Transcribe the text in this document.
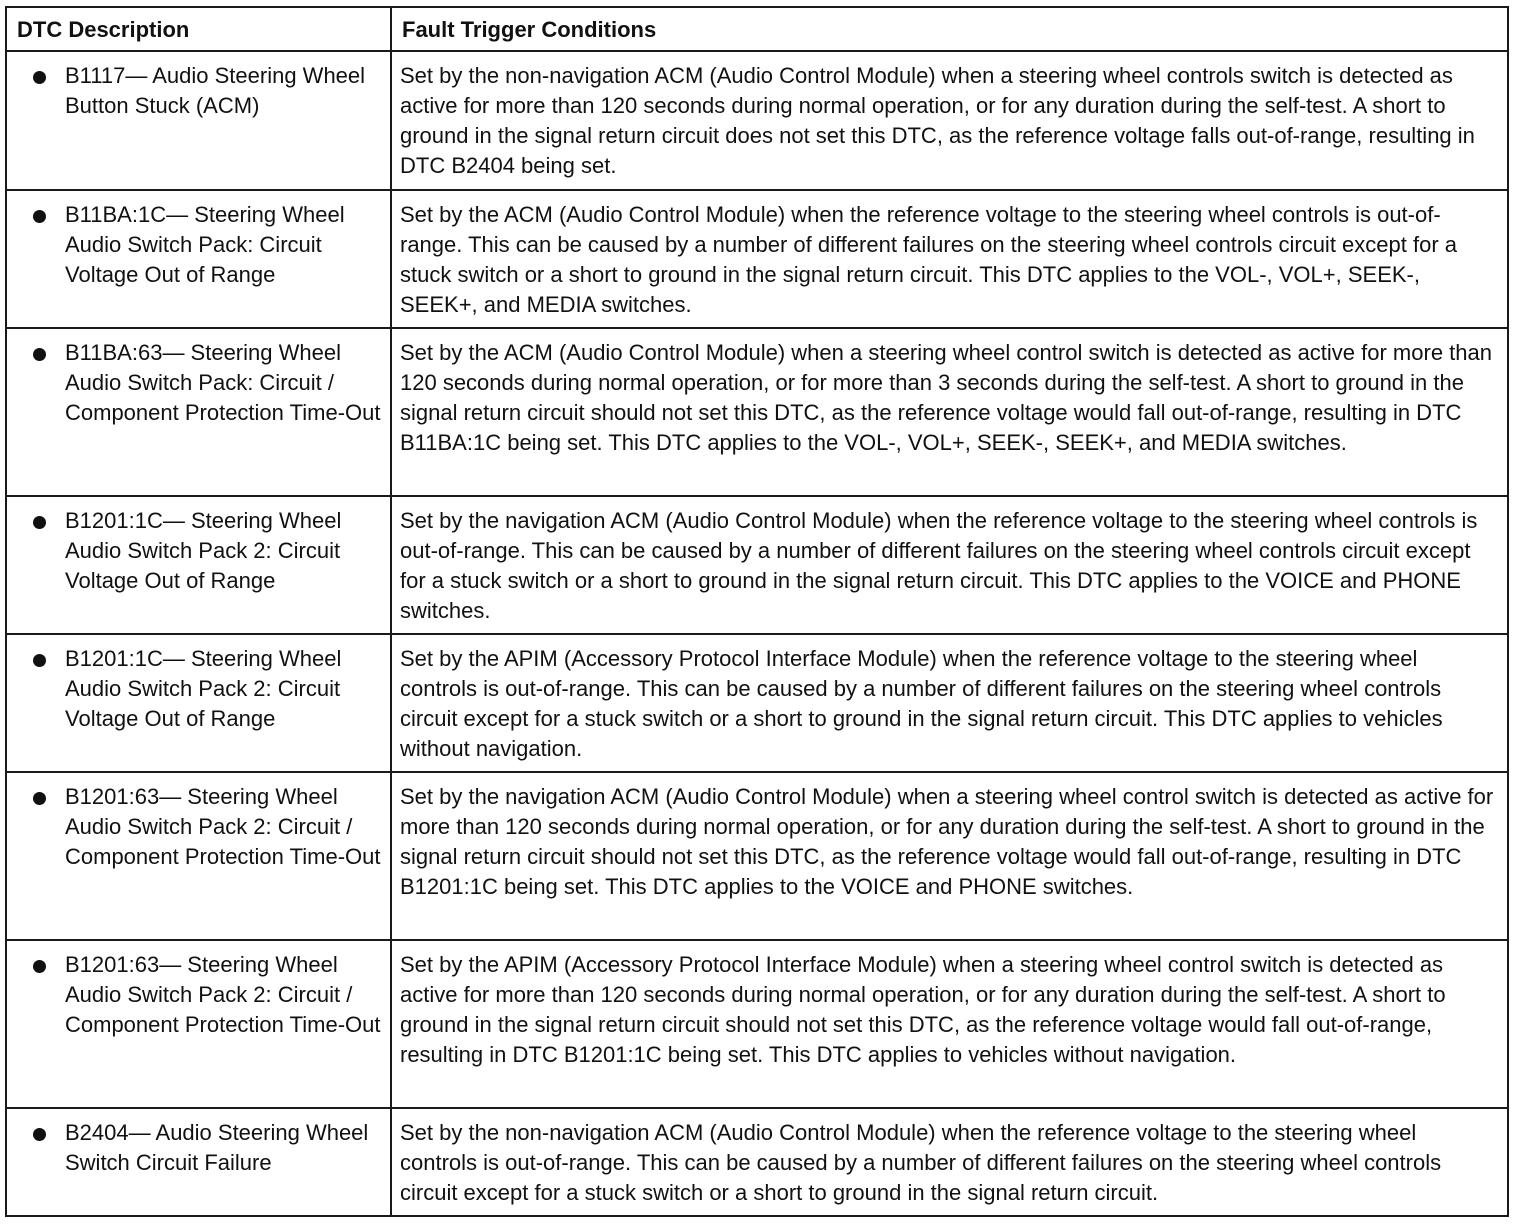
DTC Description	Fault Trigger Conditions

B1117— Audio Steering Wheel Button Stuck (ACM)	Set by the non-navigation ACM (Audio Control Module) when a steering wheel controls switch is detected as active for more than 120 seconds during normal operation, or for any duration during the self-test. A short to ground in the signal return circuit does not set this DTC, as the reference voltage falls out-of-range, resulting in DTC B2404 being set.

B11BA:1C— Steering Wheel Audio Switch Pack: Circuit Voltage Out of Range	Set by the ACM (Audio Control Module) when the reference voltage to the steering wheel controls is out-of-range. This can be caused by a number of different failures on the steering wheel controls circuit except for a stuck switch or a short to ground in the signal return circuit. This DTC applies to the VOL-, VOL+, SEEK-, SEEK+, and MEDIA switches.

B11BA:63— Steering Wheel Audio Switch Pack: Circuit / Component Protection Time-Out	Set by the ACM (Audio Control Module) when a steering wheel control switch is detected as active for more than 120 seconds during normal operation, or for more than 3 seconds during the self-test. A short to ground in the signal return circuit should not set this DTC, as the reference voltage would fall out-of-range, resulting in DTC B11BA:1C being set. This DTC applies to the VOL-, VOL+, SEEK-, SEEK+, and MEDIA switches.

B1201:1C— Steering Wheel Audio Switch Pack 2: Circuit Voltage Out of Range	Set by the navigation ACM (Audio Control Module) when the reference voltage to the steering wheel controls is out-of-range. This can be caused by a number of different failures on the steering wheel controls circuit except for a stuck switch or a short to ground in the signal return circuit. This DTC applies to the VOICE and PHONE switches.

B1201:1C— Steering Wheel Audio Switch Pack 2: Circuit Voltage Out of Range	Set by the APIM (Accessory Protocol Interface Module) when the reference voltage to the steering wheel controls is out-of-range. This can be caused by a number of different failures on the steering wheel controls circuit except for a stuck switch or a short to ground in the signal return circuit. This DTC applies to vehicles without navigation.

B1201:63— Steering Wheel Audio Switch Pack 2: Circuit / Component Protection Time-Out	Set by the navigation ACM (Audio Control Module) when a steering wheel control switch is detected as active for more than 120 seconds during normal operation, or for any duration during the self-test. A short to ground in the signal return circuit should not set this DTC, as the reference voltage would fall out-of-range, resulting in DTC B1201:1C being set. This DTC applies to the VOICE and PHONE switches.

B1201:63— Steering Wheel Audio Switch Pack 2: Circuit / Component Protection Time-Out	Set by the APIM (Accessory Protocol Interface Module) when a steering wheel control switch is detected as active for more than 120 seconds during normal operation, or for any duration during the self-test. A short to ground in the signal return circuit should not set this DTC, as the reference voltage would fall out-of-range, resulting in DTC B1201:1C being set. This DTC applies to vehicles without navigation.

B2404— Audio Steering Wheel Switch Circuit Failure	Set by the non-navigation ACM (Audio Control Module) when the reference voltage to the steering wheel controls is out-of-range. This can be caused by a number of different failures on the steering wheel controls circuit except for a stuck switch or a short to ground in the signal return circuit.
